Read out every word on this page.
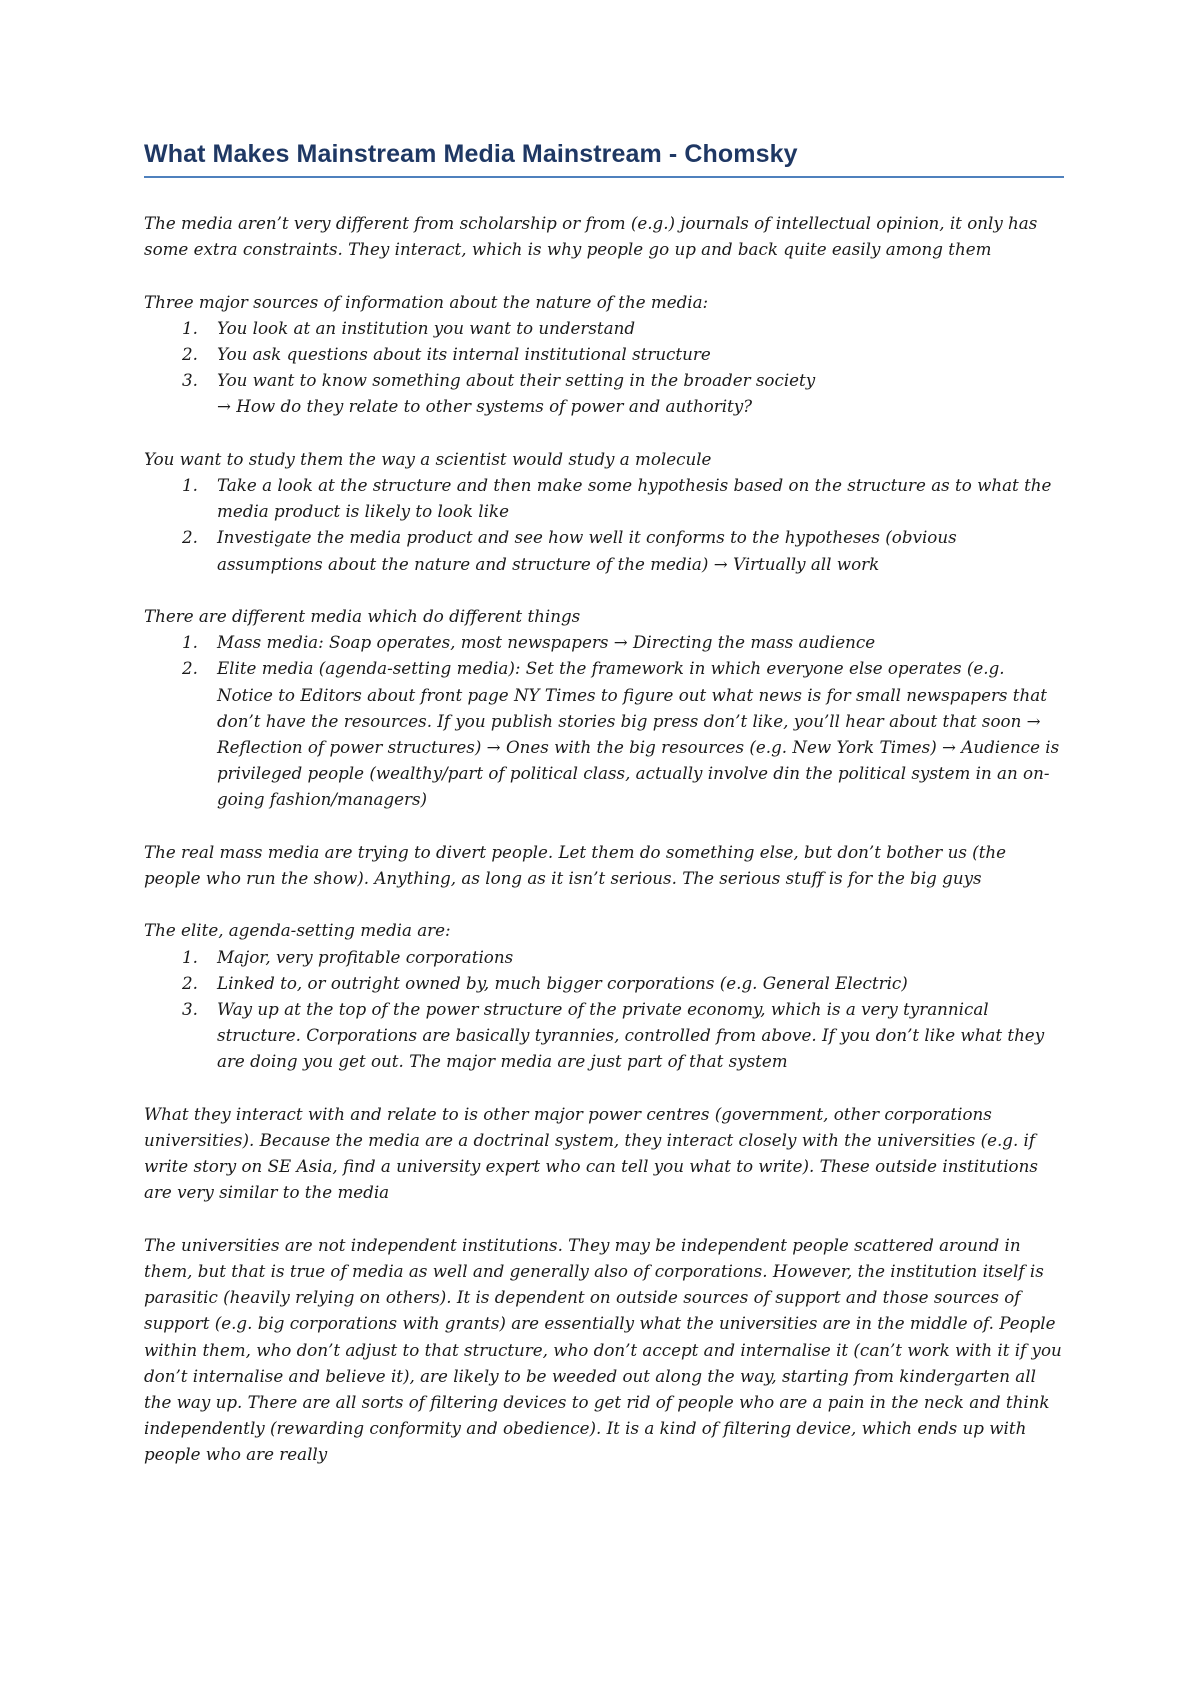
What Makes Mainstream Media Mainstream - Chomsky

The media aren’t very different from scholarship or from (e.g.) journals of intellectual opinion, it only has some extra constraints. They interact, which is why people go up and back quite easily among them

Three major sources of information about the nature of the media:

1. You look at an institution you want to understand
2. You ask questions about its internal institutional structure
3. You want to know something about their setting in the broader society
→ How do they relate to other systems of power and authority?

You want to study them the way a scientist would study a molecule

1. Take a look at the structure and then make some hypothesis based on the structure as to what the media product is likely to look like
2. Investigate the media product and see how well it conforms to the hypotheses (obvious assumptions about the nature and structure of the media) → Virtually all work

There are different media which do different things

1. Mass media: Soap operates, most newspapers → Directing the mass audience
2. Elite media (agenda-setting media): Set the framework in which everyone else operates (e.g. Notice to Editors about front page NY Times to figure out what news is for small newspapers that don’t have the resources. If you publish stories big press don’t like, you’ll hear about that soon → Reflection of power structures) → Ones with the big resources (e.g. New York Times) → Audience is privileged people (wealthy/part of political class, actually involve din the political system in an on-going fashion/managers)

The real mass media are trying to divert people. Let them do something else, but don’t bother us (the people who run the show). Anything, as long as it isn’t serious. The serious stuff is for the big guys

The elite, agenda-setting media are:

1. Major, very profitable corporations
2. Linked to, or outright owned by, much bigger corporations (e.g. General Electric)
3. Way up at the top of the power structure of the private economy, which is a very tyrannical structure. Corporations are basically tyrannies, controlled from above. If you don’t like what they are doing you get out. The major media are just part of that system

What they interact with and relate to is other major power centres (government, other corporations universities). Because the media are a doctrinal system, they interact closely with the universities (e.g. if write story on SE Asia, find a university expert who can tell you what to write). These outside institutions are very similar to the media

The universities are not independent institutions. They may be independent people scattered around in them, but that is true of media as well and generally also of corporations. However, the institution itself is parasitic (heavily relying on others). It is dependent on outside sources of support and those sources of support (e.g. big corporations with grants) are essentially what the universities are in the middle of. People within them, who don’t adjust to that structure, who don’t accept and internalise it (can’t work with it if you don’t internalise and believe it), are likely to be weeded out along the way, starting from kindergarten all the way up. There are all sorts of filtering devices to get rid of people who are a pain in the neck and think independently (rewarding conformity and obedience). It is a kind of filtering device, which ends up with people who are really
